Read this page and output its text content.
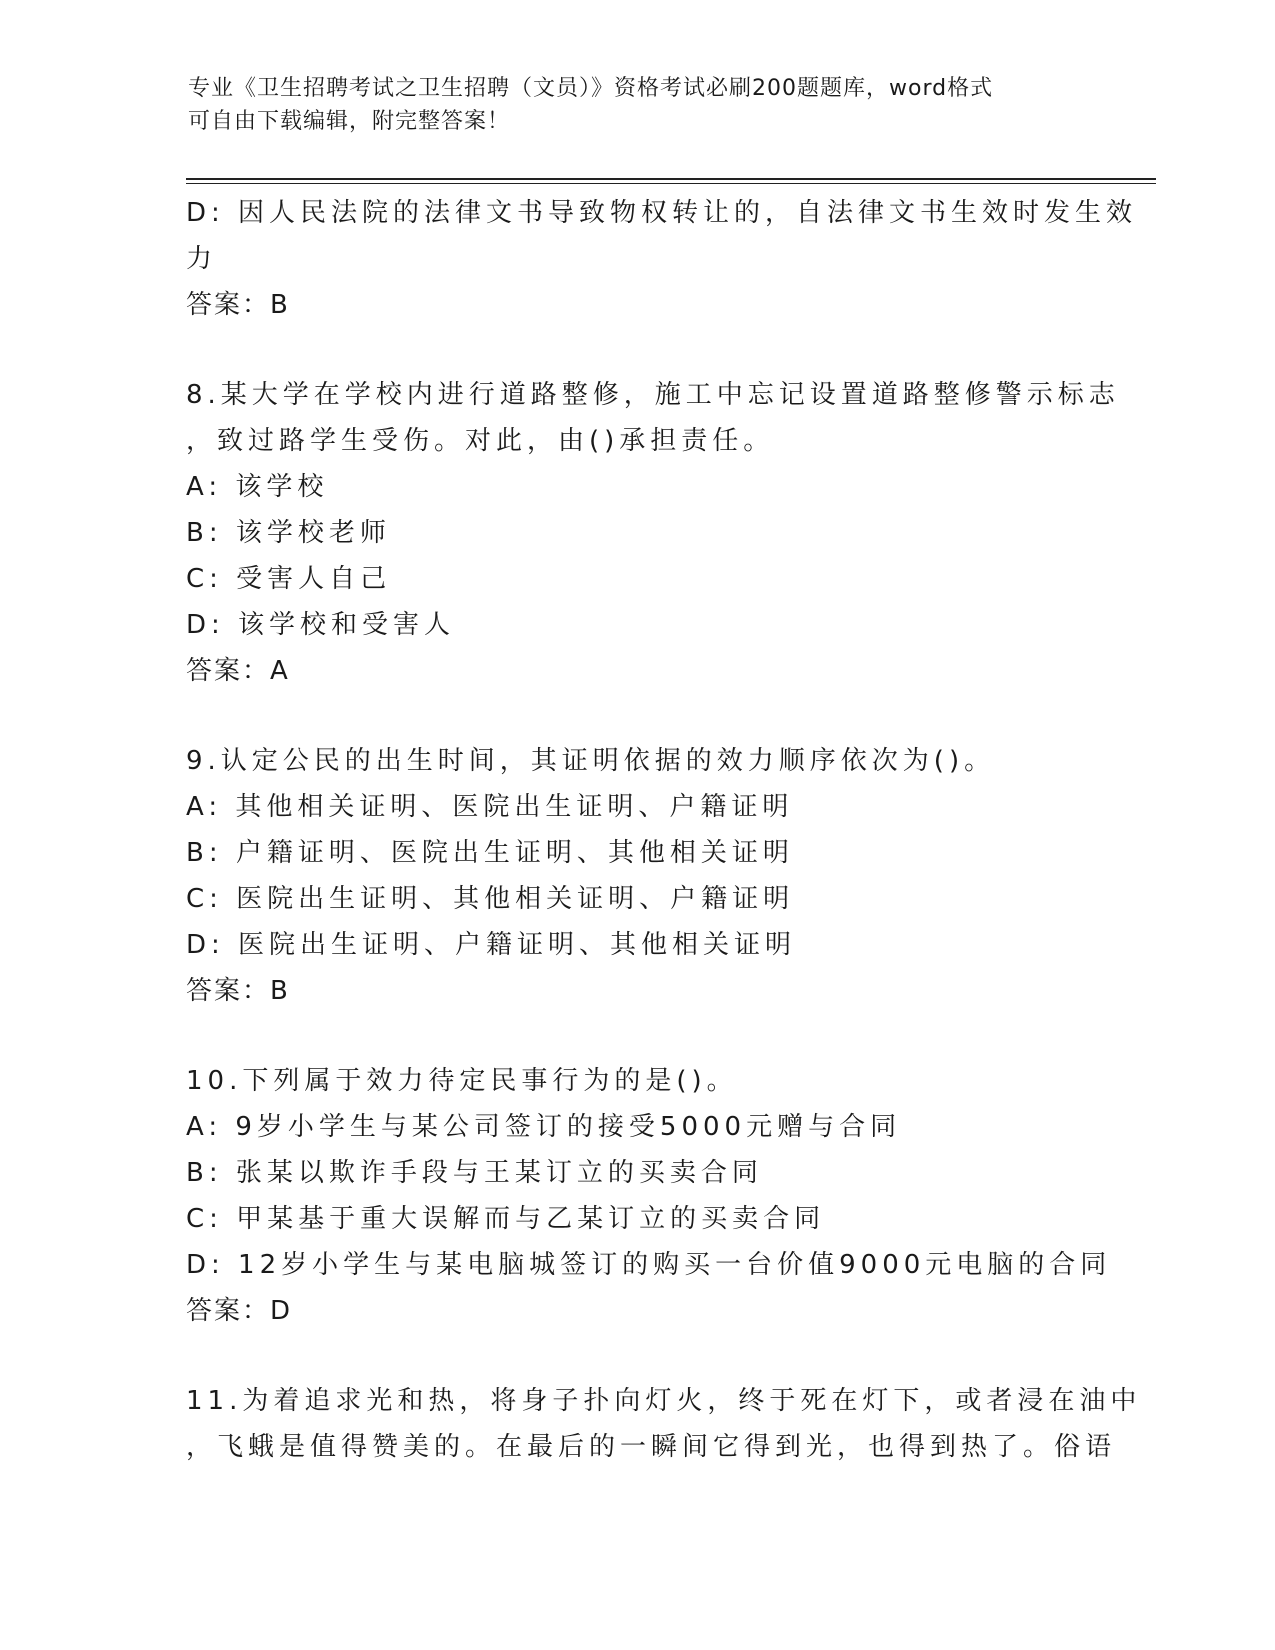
专业《卫生招聘考试之卫生招聘（文员）》资格考试必刷200题题库，word格式
可自由下载编辑，附完整答案！
D: 因人民法院的法律文书导致物权转让的，自法律文书生效时发生效
力
答案：B
8.某大学在学校内进行道路整修，施工中忘记设置道路整修警示标志
，致过路学生受伤。对此，由()承担责任。
A: 该学校
B: 该学校老师
C: 受害人自己
D: 该学校和受害人
答案：A
9.认定公民的出生时间，其证明依据的效力顺序依次为()。
A: 其他相关证明、医院出生证明、户籍证明
B: 户籍证明、医院出生证明、其他相关证明
C: 医院出生证明、其他相关证明、户籍证明
D: 医院出生证明、户籍证明、其他相关证明
答案：B
10.下列属于效力待定民事行为的是()。
A: 9岁小学生与某公司签订的接受5000元赠与合同
B: 张某以欺诈手段与王某订立的买卖合同
C: 甲某基于重大误解而与乙某订立的买卖合同
D: 12岁小学生与某电脑城签订的购买一台价值9000元电脑的合同
答案：D
11.为着追求光和热，将身子扑向灯火，终于死在灯下，或者浸在油中
，飞蛾是值得赞美的。在最后的一瞬间它得到光，也得到热了。俗语
